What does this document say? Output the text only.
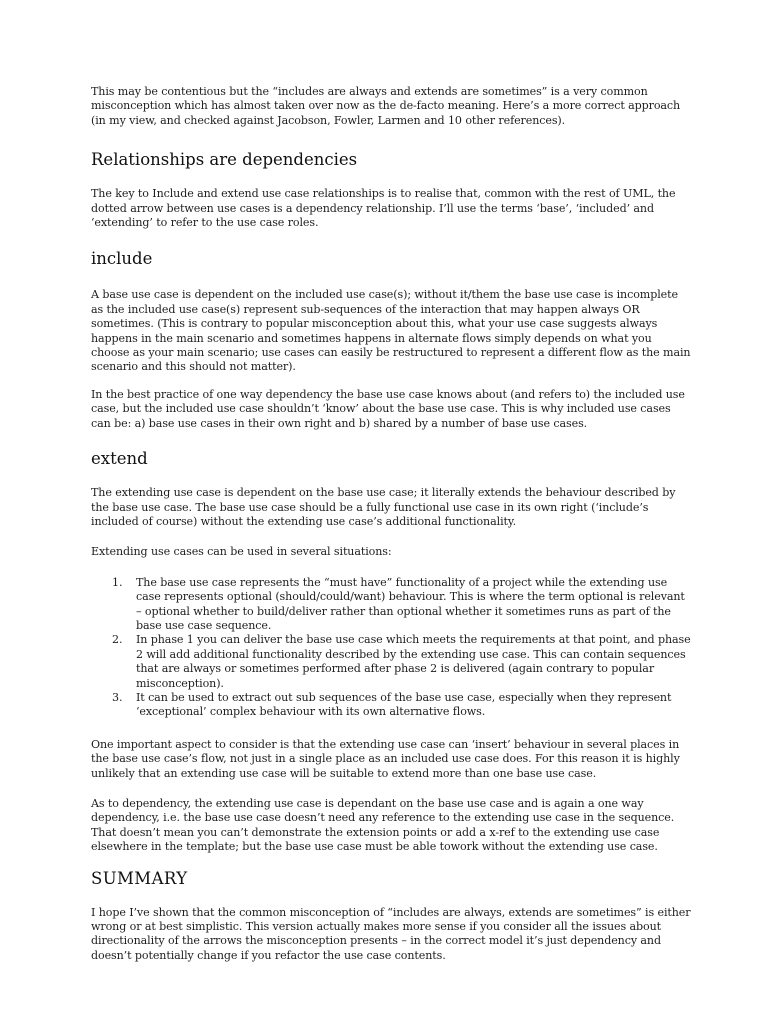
This may be contentious but the “includes are always and extends are sometimes” is a very common misconception which has almost taken over now as the de-facto meaning. Here’s a more correct approach (in my view, and checked against Jacobson, Fowler, Larmen and 10 other references).

Relationships are dependencies

The key to Include and extend use case relationships is to realise that, common with the rest of UML, the dotted arrow between use cases is a dependency relationship. I’ll use the terms ‘base’, ‘included’ and ‘extending’ to refer to the use case roles.

include

A base use case is dependent on the included use case(s); without it/them the base use case is incomplete as the included use case(s) represent sub-sequences of the interaction that may happen always OR sometimes. (This is contrary to popular misconception about this, what your use case suggests always happens in the main scenario and sometimes happens in alternate flows simply depends on what you choose as your main scenario; use cases can easily be restructured to represent a different flow as the main scenario and this should not matter).

In the best practice of one way dependency the base use case knows about (and refers to) the included use case, but the included use case shouldn’t ‘know’ about the base use case. This is why included use cases can be: a) base use cases in their own right and b) shared by a number of base use cases.

extend

The extending use case is dependent on the base use case; it literally extends the behaviour described by the base use case. The base use case should be a fully functional use case in its own right (‘include’s included of course) without the extending use case’s additional functionality.

Extending use cases can be used in several situations:

1. The base use case represents the “must have” functionality of a project while the extending use case represents optional (should/could/want) behaviour. This is where the term optional is relevant – optional whether to build/deliver rather than optional whether it sometimes runs as part of the base use case sequence.
2. In phase 1 you can deliver the base use case which meets the requirements at that point, and phase 2 will add additional functionality described by the extending use case. This can contain sequences that are always or sometimes performed after phase 2 is delivered (again contrary to popular misconception).
3. It can be used to extract out sub sequences of the base use case, especially when they represent ‘exceptional’ complex behaviour with its own alternative flows.

One important aspect to consider is that the extending use case can ‘insert’ behaviour in several places in the base use case’s flow, not just in a single place as an included use case does. For this reason it is highly unlikely that an extending use case will be suitable to extend more than one base use case.

As to dependency, the extending use case is dependant on the base use case and is again a one way dependency, i.e. the base use case doesn’t need any reference to the extending use case in the sequence. That doesn’t mean you can’t demonstrate the extension points or add a x-ref to the extending use case elsewhere in the template; but the base use case must be able towork without the extending use case.

SUMMARY

I hope I’ve shown that the common misconception of “includes are always, extends are sometimes” is either wrong or at best simplistic. This version actually makes more sense if you consider all the issues about directionality of the arrows the misconception presents – in the correct model it’s just dependency and doesn’t potentially change if you refactor the use case contents.
